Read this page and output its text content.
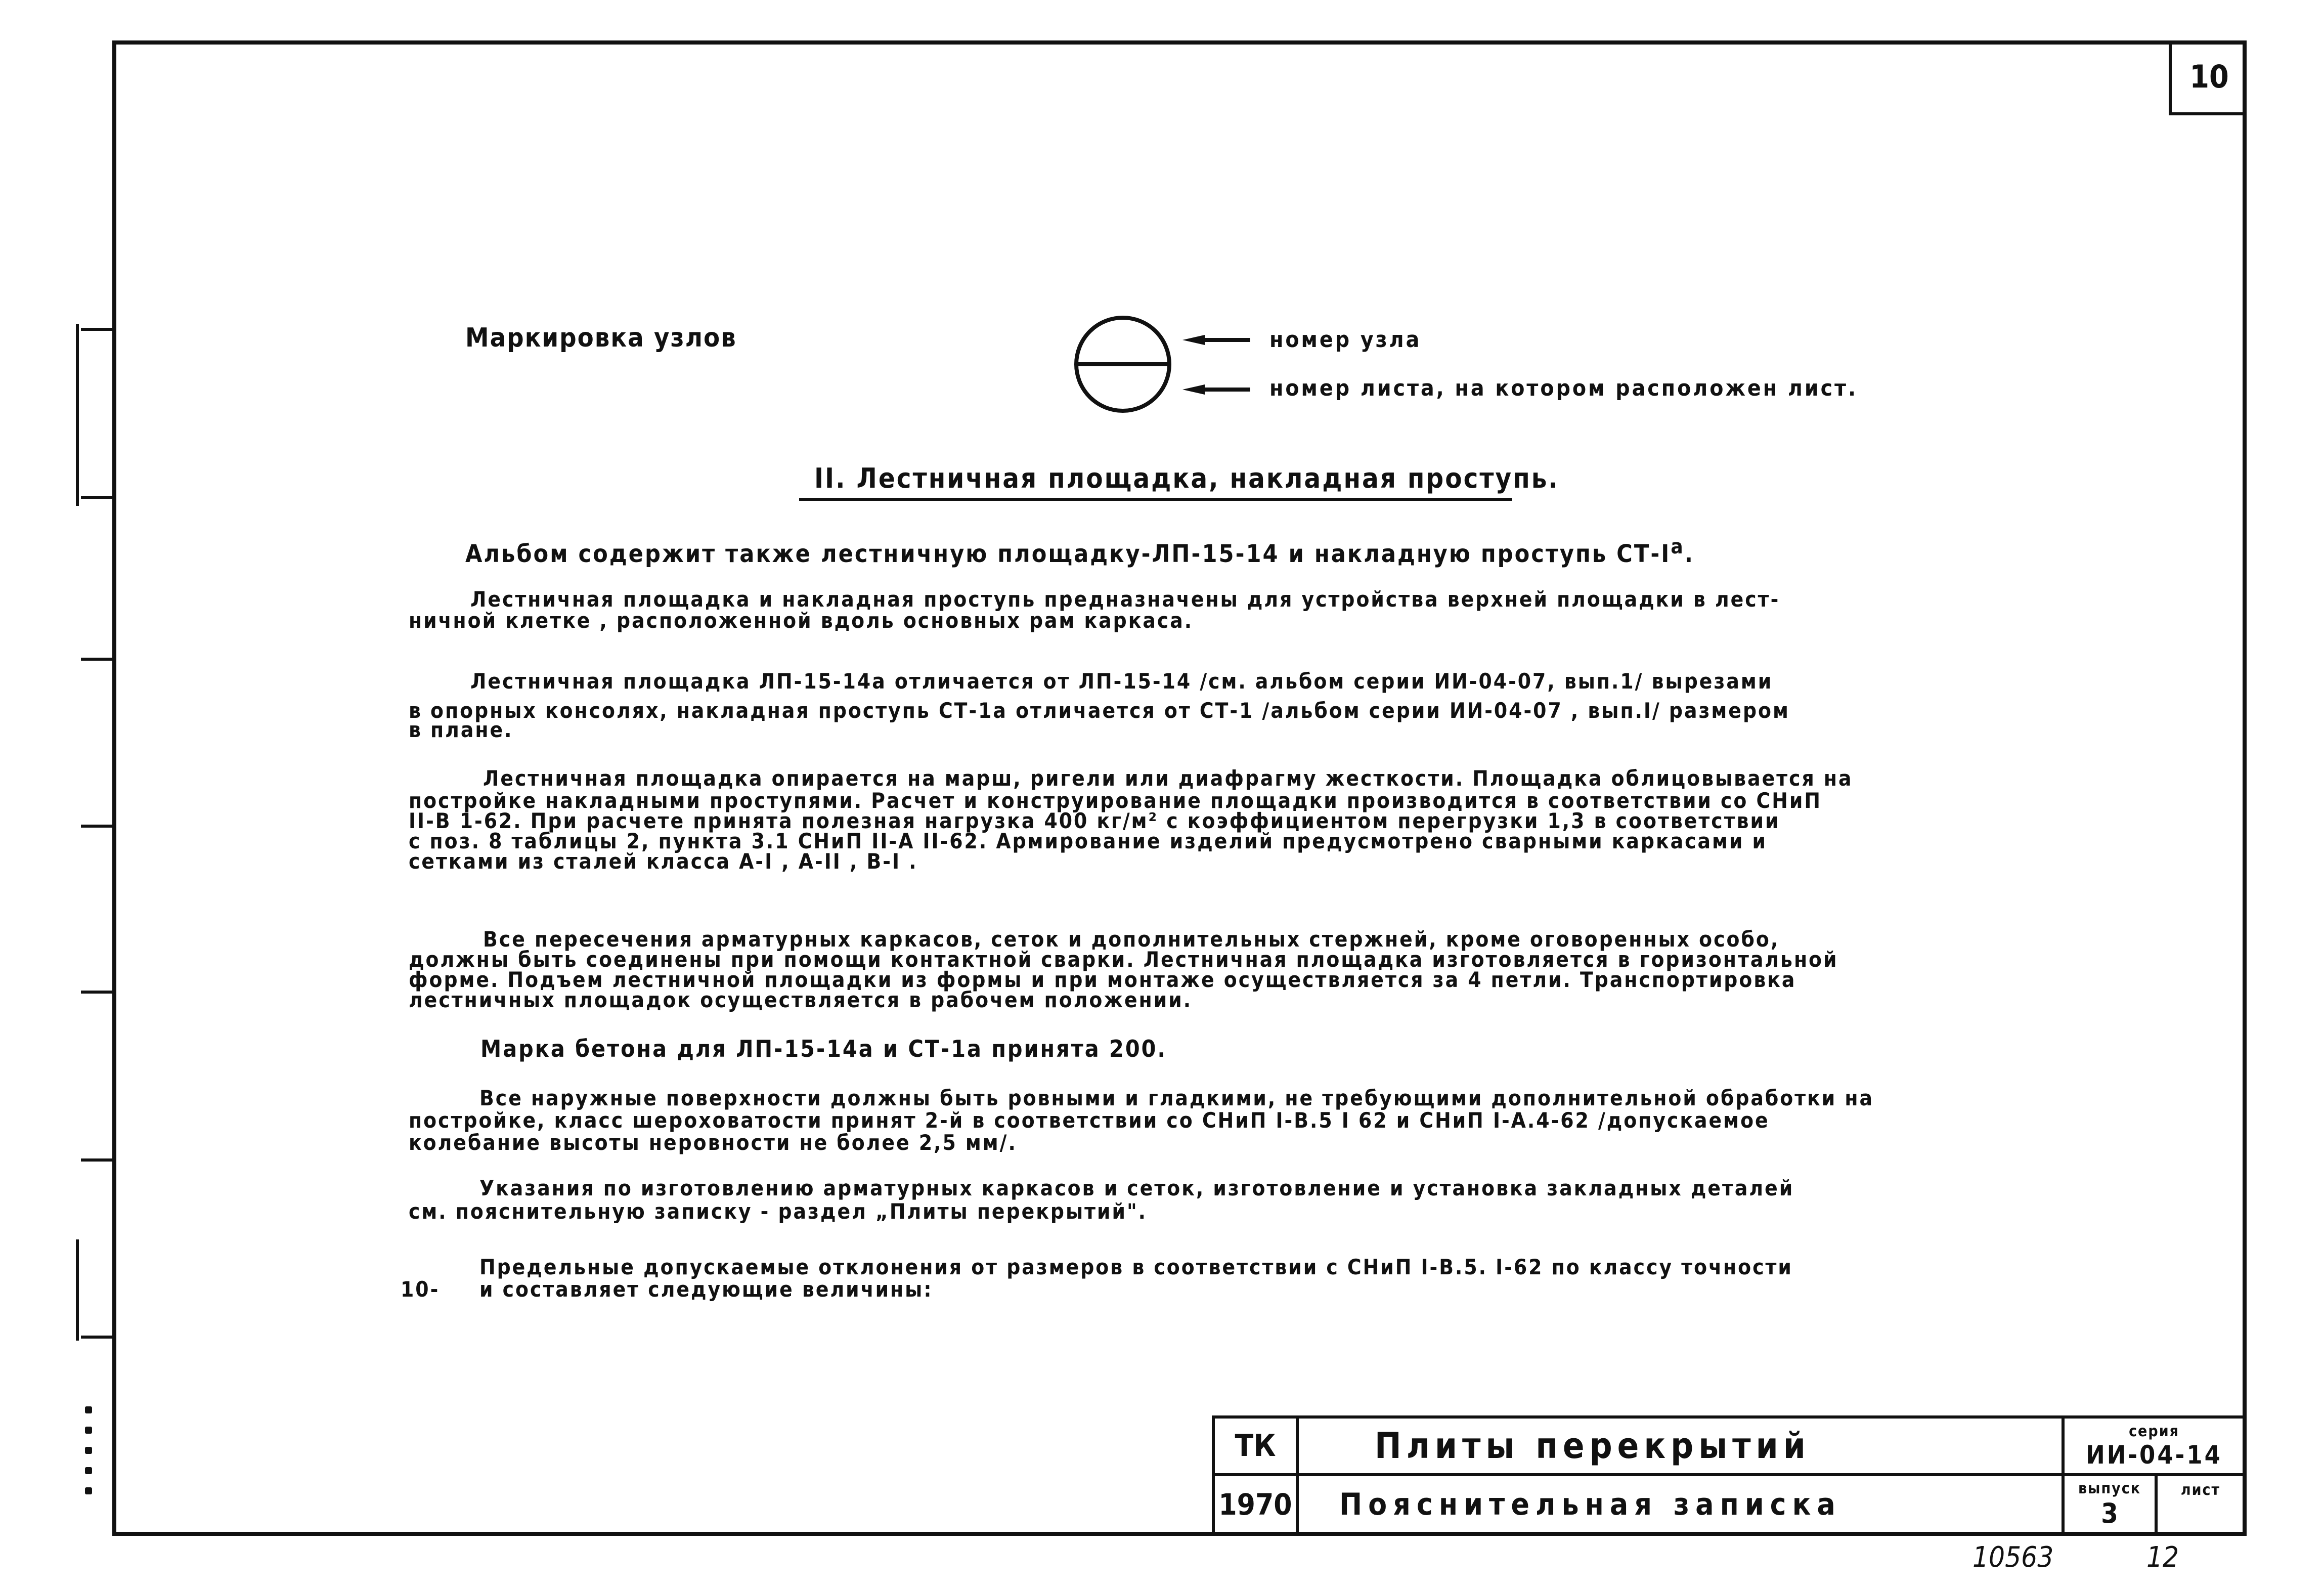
10
Маркировка узлов	номер узла
номер листа, на котором расположен лист.
II. Лестничная площадка, накладная проступь.
Альбом содержит также лестничную площадку-ЛП-15-14 и накладную проступь $СТ-I^а$.
Лестничная площадка и накладная проступь предназначены для устройства верхней площадки в лест-
ничной клетке , расположенной вдоль основных рам каркаса.
Лестничная площадка ЛП-15-14а отличается от ЛП-15-14 /см. альбом серии ИИ-04-07, вып.1/ вырезами
в опорных консолях, накладная проступь СТ-1а отличается от СТ-1 /альбом серии ИИ-04-07 , вып.I/ размером
в плане.
Лестничная площадка опирается на марш, ригели или диафрагму жесткости. Площадка облицовывается на
постройке накладными проступями. Расчет и конструирование площадки производится в соответствии со СНиП
II-В 1-62. При расчете принята полезная нагрузка 400 кг/м² с коэффициентом перегрузки 1,3 в соответствии
с поз. 8 таблицы 2, пункта 3.1 СНиП II-А II-62. Армирование изделий предусмотрено сварными каркасами и
сетками из сталей класса А-I , А-II , В-I .
Все пересечения арматурных каркасов, сеток и дополнительных стержней, кроме оговоренных особо,
должны быть соединены при помощи контактной сварки. Лестничная площадка изготовляется в горизонтальной
форме. Подъем лестничной площадки из формы и при монтаже осуществляется за 4 петли. Транспортировка
лестничных площадок осуществляется в рабочем положении.
Марка бетона для ЛП-15-14а и СТ-1а принята 200.
Все наружные поверхности должны быть ровными и гладкими, не требующими дополнительной обработки на
постройке, класс шероховатости принят 2-й в соответствии со СНиП I-В.5 I 62 и СНиП I-А.4-62 /допускаемое
колебание высоты неровности не более 2,5 мм/.
Указания по изготовлению арматурных каркасов и сеток, изготовление и установка закладных деталей
см. пояснительную записку - раздел „Плиты перекрытий".
Предельные допускаемые отклонения от размеров в соответствии с СНиП I-В.5. I-62 по классу точности
10- и составляет следующие величины:
ТК
1970
Плиты перекрытий
Пояснительная записка
серия
ИИ-04-14
выпуск
3
лист
10563	12
